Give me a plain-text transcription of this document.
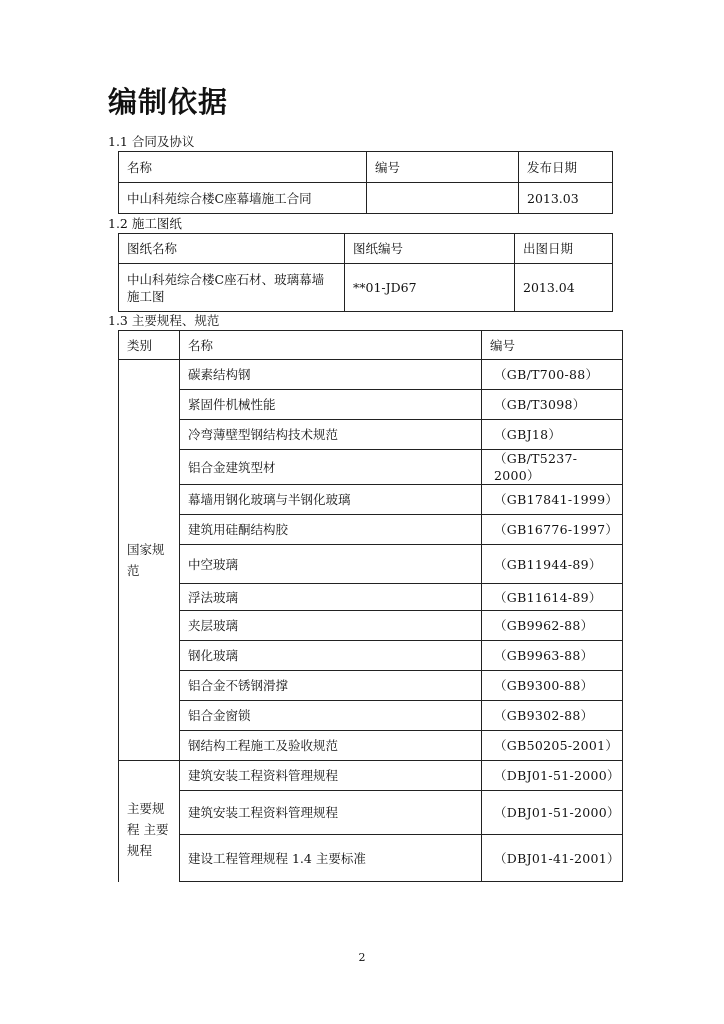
编制依据
1.1 合同及协议
名称	编号	发布日期
中山科苑综合楼C座幕墙施工合同		2013.03
1.2 施工图纸
图纸名称	图纸编号	出图日期
中山科苑综合楼C座石材、玻璃幕墙施工图	**01-JD67	2013.04
1.3 主要规程、规范
类别	名称	编号
国家规范	碳素结构钢	（GB/T700-88）
	紧固件机械性能	（GB/T3098）
	冷弯薄壁型钢结构技术规范	（GBJ18）
	铝合金建筑型材	（GB/T5237-2000）
	幕墙用钢化玻璃与半钢化玻璃	（GB17841-1999）
	建筑用硅酮结构胶	（GB16776-1997）
	中空玻璃	（GB11944-89）
	浮法玻璃	（GB11614-89）
	夹层玻璃	（GB9962-88）
	钢化玻璃	（GB9963-88）
	铝合金不锈钢滑撑	（GB9300-88）
	铝合金窗锁	（GB9302-88）
	钢结构工程施工及验收规范	（GB50205-2001）
主要规程 主要规程	建筑安装工程资料管理规程	（DBJ01-51-2000）
	建筑安装工程资料管理规程	（DBJ01-51-2000）
	建设工程管理规程 1.4 主要标准	（DBJ01-41-2001）
2
